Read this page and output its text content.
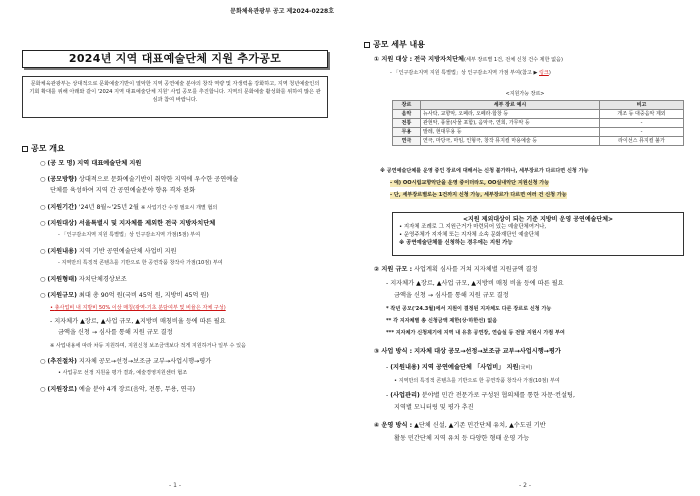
문화체육관광부 공고 제2024-0228호
2024년 지역 대표예술단체 지원 추가공모
문화체육관광부는 상대적으로 문화예술기반이 열악한 지역 공연예술 분야의 창작 역량 및 자생력을 강화하고, 지역 청년예술인의 기회 확대를 위해 아래와 같이 '2024 지역 대표예술단체 지원' 사업 공모를 추진합니다. 지역의 문화예술 활성화를 위하여 많은 관심과 참여 바랍니다.
공모 개요
○ (공 모 명) 지역 대표예술단체 지원
○ (공모방향) 상대적으로 문화예술기반이 취약한 지역에 우수한 공연예술
단체를 육성하여 지역 간 공연예술분야 향유 격차 완화
○ (지원기간) '24년 8월~'25년 2월 ※ 사업기간 수정 필요시 개별 협의
○ (지원대상) 서울특별시 및 지자체를 제외한 전국 지방자치단체
- 「인구감소지역 지원 특별법」상 인구감소지역 가점(5점) 부여
○ (지원내용) 지역 기반 공연예술단체 사업비 지원
- 지역만의 특징적 콘텐츠를 기반으로 한 공연작품 창작사 가점(10점) 부여
○ (지원형태) 자치단체경상보조
○ (지원규모) 최대 총 90억 원(국비 45억 원, 지방비 45억 원)
• 총사업비 내 지방비 50% 이상 매칭(광역-기초 분담여부 및 비율은 자체 구성)
- 지자체가 ▲장르, ▲사업 규모, ▲지방비 매칭비율 등에 따른 필요
금액을 신청 → 심사를 통해 지원 규모 결정
※ 사업내용에 따라 차등 지원하며, 지원신청 보조금액보다 적게 지원하거나 일부 수 있음
○ (추진절차) 지자체 공모→선정→보조금 교부→사업시행→평가
• 사업공모 선정 지원을 평가 결과, 예술경영지원센터 협조
○ (지원장르) 예술 분야 4개 장르(음악, 전통, 무용, 연극)
- 1 -
공모 세부 내용
① 지원 대상 : 전국 지방자치단체(세부 장르별 1건, 전체 신청 건수 제한 없음)
- 「인구감소지역 지원 특별법」상 인구감소지역 가점 부여(참고 ▶ 링크)
<지원가능 장르>
장르	세부 장르 예시	비고
음악	뉴사탁, 교향악, 오페라, 오페라·합창 등	개조 등 대중음악 제외
전통	관현악, 풍물(사물 포함), 음악극, 연희, 가무악 등	-
무용	발레, 현대무용 등	-
연극	연극, 마당극, 마임, 인형극, 창작 뮤지컬 마용예술 등	라이선스 뮤지컬 불가
※ 공연예술단체를 운영 중인 장르에 대해서는 신청 불가하나, 세부장르가 다르다면 신청 가능
- 예) OO시립교향악단을 운영 중이더라도, OO실내악단 지원신청 가능
- 단, 세부장르별로는 1건까지 신청 가능, 세부장르가 다르면 여러 건 신청 가능
<지원 제외대상이 되는 기준 지방비 운영 공연예술단체>
• 지자체 조례로 그 지원근거가 마련되어 있는 예술단체여거나,
• 운영주체가 지자체 또는 지자체 소속 문화재단인 예술단체
※ 공연예술단체를 신청하는 경우에는 지원 가능
② 지원 규모 : 사업계획 심사를 거쳐 지자체별 지원금액 결정
- 지자체가 ▲장르, ▲사업 규모, ▲지방비 매칭 비율 등에 따른 필요
금액을 신청 → 심사를 통해 지원 규모 결정
* 작년 공모('24.3월)에서 지원이 결정된 지자체도 다른 장르로 신청 가능
** 각 지자체별 총 신청금액 제한(상·하한선) 없음
*** 지자체가 신청제기에 지역 내 유휴 공연장, 연습실 등 전달 지원시 가점 부여
③ 사업 방식 : 지자체 대상 공모→선정→보조금 교부→사업시행→평가
- (지원내용) 지역 공연예술단체 「사업비」 지원(국비)
• 지역만의 특징적 콘텐츠를 기반으로 한 공연작품 창작사 가점(10점) 부여
- (사업관리) 분야별 민간 전문가로 구성된 협의체를 통한 자문·컨설팅,
지역별 모니터링 및 평가 추진
④ 운영 방식 : ▲단체 신설, ▲기존 민간단체 유치, ▲수도권 기반
활동 민간단체 지역 유치 등 다양한 형태 운영 가능
- 2 -
